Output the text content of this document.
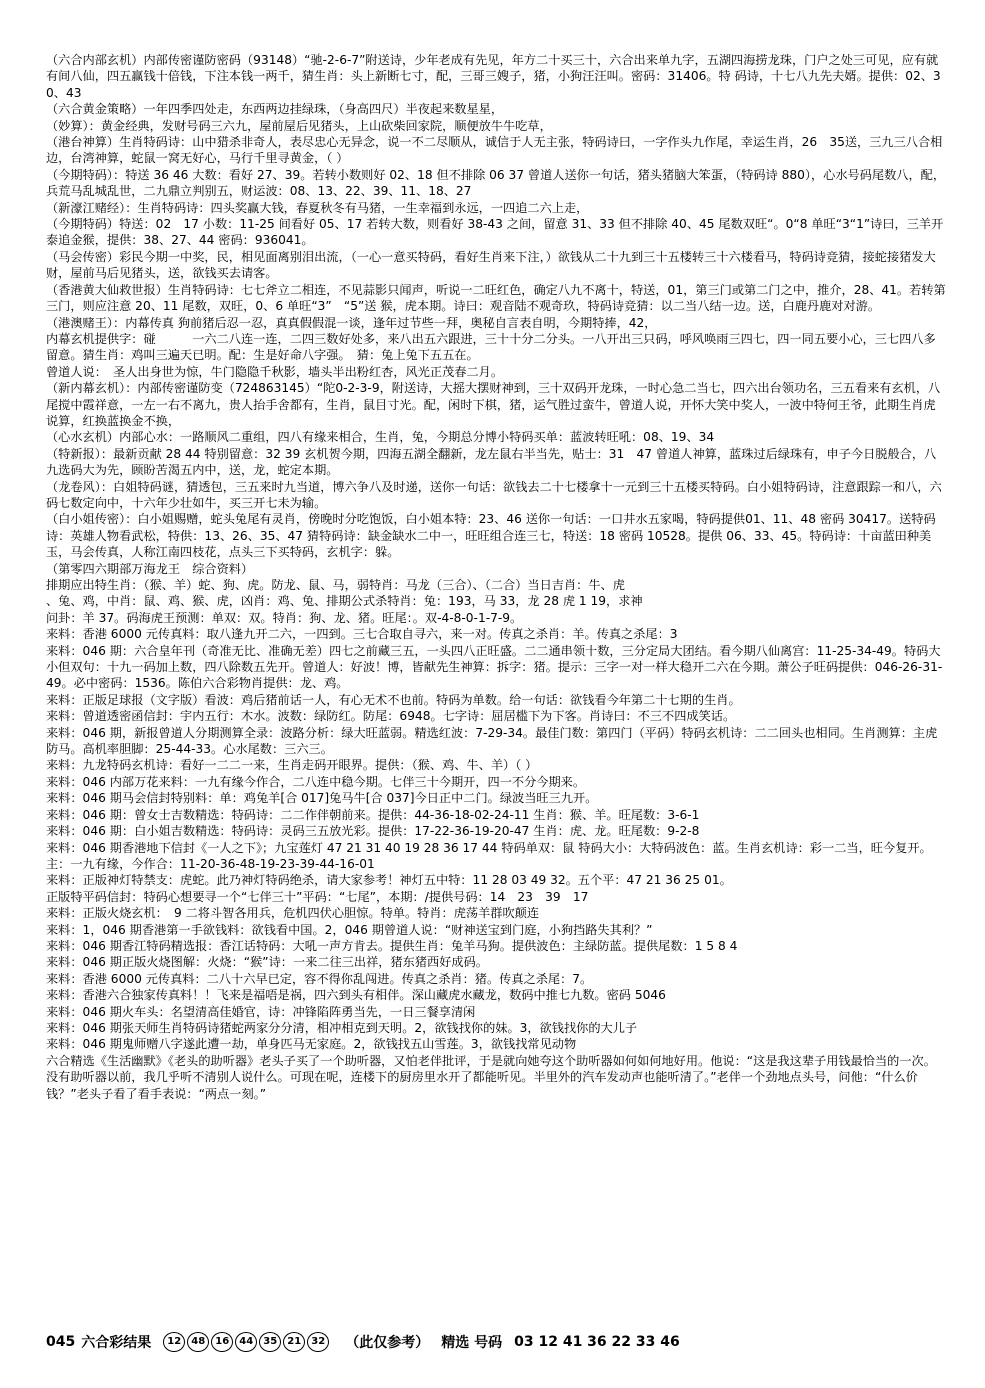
（六合内部玄机）内部传密谨防密码（93148）“驰-2-6-7”附送诗，少年老成有先见，年方二十买三十，六合出来单九字，五湖四海捞龙珠，门户之处三可见，应有就有间八仙，四五赢钱十倍钱，下注本钱一两千，猜生肖：头上新断七寸，配，三哥三嫂子，猪，小狗汪汪叫。密码：31406。特 码诗，十七八九先夫婿。提供：02、30、43

（六合黄金策略）一年四季四处走，东西两边挂绿珠，（身高四尺）半夜起来数星星，

（妙算）：黄金经典，发财号码三六九，屋前屋后见猪头，上山砍柴回家院，顺便放牛牛吃草，

（港台神算）生肖特码诗：山中猎杀非奇人，表尽忠心无异念，说一不二尽顺从，诚信于人无主张，特码诗曰，一字作头九作尾，幸运生肖，26　35送，三九三八合相边，台湾神算，蛇鼠一窝无好心，马行千里寻黄金，（ ）

（今期特码）：特送 36 46 大数：看好 27、39。若转小数则好 02、18 但不排除 06 37 曾道人送你一句话，猪头猪脑大笨蛋，（特码诗 880），心水号码尾数八，配，兵荒马乱城乱世，二九鼎立判别五，财运波：08、13、22、39、11、18、27

（新濠江赌经）：生肖特码诗：四头奖赢大钱，春夏秋冬有马猪，一生幸福到永远，一四追二六上走，

（今期特码）特送：02　17 小数：11-25 间看好 05、17 若转大数，则看好 38-43 之间，留意 31、33 但不排除 40、45 尾数双旺“。0“8 单旺“3“1”诗曰，三羊开泰追金猴，提供：38、27、44 密码：936041。

（马会传密）彩民今期一中奖，民，相见面离别泪出流，（一心一意买特码，看好生肖来下注，）欲钱从二十九到三十五楼转三十六楼看马，特码诗竞猜，接蛇接猪发大财，屋前马后见猪头，送，欲钱买去请客。

（香港黄大仙救世报）生肖特码诗：七七斧立二相连，不见蒜影只闻声，听说一二旺红色，确定八九不离十，特送，01，第三门或第二门之中，推介，28、41。若转第三门，则应注意 20、11 尾数，双旺，0、6 单旺“3”　“5”送 猴，虎本期。诗曰：观音陆不观奇玖，特码诗竞猜：以二当八结一边。送，白鹿丹鹿对对游。

（港澳赌王）：内幕传真 狗前猪后忍一忍，真真假假混一谈，逢年过节些一拜，奥秘自言表自明，今期特捧，42，

内幕玄机提供字：碰　　　一六二八连一连，二四三数好处多，来八出五六跟进，三十十分二分头。一八开出三只码，呼风唤雨三四七，四一同五要小心，三七四八多留意。猜生肖：鸡叫三遍天已明。配：生是好命八字强。　猜：兔上兔下五五在。

曾道人说：　圣人出身世为惊，牛门隐隐千秋影，墙头半出粉红杏，风光正茂春二月。

（新内幕玄机）：内部传密谨防变（724863145）“陀0-2-3-9，附送诗，大摇大摆财神到，三十双码开龙珠，一时心急二当七，四六出台领功名，三五看来有玄机，八尾搅中霞祥意，一左一右不离九，贵人抬手舍都有，生肖，鼠目寸光。配，闲时下棋，猪，运气胜过蛮牛，曾道人说，开怀大笑中奖人，一波中特何王爷，此期生肖虎说算，红换蓝换金不换，

（心水玄机）内部心水：一路顺风二重组，四八有缘来相合，生肖，兔，今期总分博小特码买单：蓝波转旺吼：08、19、34

（特新报）：最新贡献 28 44 特别留意：32 39 玄机贺今期，四海五湖全翻新，龙左鼠右半当先，贴士：31　47 曾道人神算，蓝珠过后绿珠有，申子今日脱般合，八九选码大为先，顾盼苦渴五内中，送，龙，蛇定本期。

（龙卷风）：白姐特码谜，猜透包，三五来时九当道，博六争八及时递，送你一句话：欲钱去二十七楼拿十一元到三十五楼买特码。白小姐特码诗，注意跟踪一和八，六码七数定向中，十六年少壮如牛，买三开七未为输。

（白小姐传密）：白小姐赐赠，蛇头兔尾有灵肖，傍晚时分吃饱饭，白小姐本特：23、46 送你一句话：一口井水五家喝，特码提供01、11、48 密码 30417。送特码诗：英雄人物看武松，特供：13、26、35、47 猜特码诗：缺金缺水二中一，旺旺组合连三七，特送：18 密码 10528。提供 06、33、45。特码诗：十亩蓝田种美玉，马会传真，人称江南四枝花，点头三下买特码，玄机字：躲。

（第零四六期部万海龙王　综合资料）

排期应出特生肖：（猴、羊）蛇、狗、虎。防龙、鼠、马，弱特肖：马龙（三合）、（二合）当日吉肖：牛、虎

、兔、鸡，中肖：鼠、鸡、猴、虎，凶肖：鸡、兔、排期公式杀特肖：兔：193，马 33，龙 28 虎 1 19，求神

问卦：羊 37。码海虎王预测：单双：双。特肖：狗、龙、猪。旺尾：。双-4-8-0-1-7-9。

来料：香港 6000 元传真料：取八逢九开二六，一四到。三七合取自寻六，来一对。传真之杀肖：羊。传真之杀尾：3

来料：046 期：六合皇年刊（奇准无比、准确无差）四七之前藏三五，一头四八正旺盛。二二通串领十数，三分定局大团结。看今期八仙离宫：11-25-34-49。特码大小但双句：十九一码加上数，四八除数五先开。曾道人：好波！博，皆献先生神算：拆字：猪。提示：三字一对一样大稳开二六在今期。萧公子旺码提供：046-26-31-49。必中密码：1536。陈伯六合彩物肖提供：龙、鸡。

来料：正版足球报（文字版）看波：鸡后猪前话一人，有心无术不也前。特码为单数。给一句话：欲钱看今年第二十七期的生肖。

来料：曾道透密函信封：宇内五行：木水。波数：绿防红。防尾：6948。七字诗：屈居槛下为下客。肖诗曰：不三不四成笑话。

来料：046 期，新报曾道人分期测算全录：波路分析：绿大旺蓝弱。精选红波：7-29-34。最佳门数：第四门（平码）特码玄机诗：二二回头也相同。生肖测算：主虎防马。高机率胆脚：25-44-33。心水尾数：三六三。

来料：九龙特码玄机诗：看好一二二一来，生肖走码开眼界。提供：（猴、鸡、牛、羊）（ ）

来料：046 内部万花来料：一九有缘今作合，二八连中稳今期。七伴三十今期开，四一不分今期来。

来料：046 期马会信封特别料：单：鸡兔羊[合 017]兔马牛[合 037]今日正中二门。绿波当旺三九开。

来料：046 期：曾女士吉数精选：特码诗：二二作伴朝前来。提供：44-36-18-02-24-11 生肖：猴、羊。旺尾数：3-6-1

来料：046 期：白小姐吉数精选：特码诗：灵码三五放光彩。提供：17-22-36-19-20-47 生肖：虎、龙。旺尾数：9-2-8

来料：046 期香港地下信封《一人之下》；九宝莲灯 47 21 31 40 19 28 36 17 44 特码单双：鼠 特码大小：大特码波色：蓝。生肖玄机诗：彩一二当，旺今复开。主：一九有缘，今作合：11-20-36-48-19-23-39-44-16-01

来料：正版神灯特禁支：虎蛇。此乃神灯特码绝杀，请大家参考！神灯五中特：11 28 03 49 32。五个平：47 21 36 25 01。

正版特平码信封：特码心想要寻一个“七伴三十”平码：“七尾”，本期：/提供号码：14　23　39　17

来料：正版火烧玄机：　9 二将斗智各用兵，危机四伏心胆惊。特单。特肖：虎荡羊群吹颠连

来料：1，046 期香港第一手欲钱料：欲钱看中国。2，046 期曾道人说：“财神送宝到门庭，小狗挡路失其利？”

来料：046 期香江特码精选报：香江话特码：大吼一声方肯去。提供生肖：兔羊马狗。提供波色：主绿防蓝。提供尾数：1 5 8 4

来料：046 期正版火烧图解：火烧：“猴”诗：一来二往三出祥，猪东猪西好成码。

来料：香港 6000 元传真料：二八十六早已定，容不得你乱闯进。传真之杀肖：猪。传真之杀尾：7。

来料：香港六合独家传真料！！飞来是福唔是祸，四六到头有相伴。深山藏虎水藏龙，数码中推七九数。密码 5046

来料：046 期火车头：名望清高佳婚官，诗：冲锋陷阵勇当先，一日三餐享清闲

来料：046 期张天师生肖特码诗猪蛇两家分分清，相冲相克到天明。2，欲钱找你的妹。3，欲钱找你的大儿子

来料：046 期鬼师赠八字遂此遭一劫，单身匹马无家庭。2，欲钱找五山雪莲。3，欲钱找常见动物

六合精选《生活幽默》《老头的助听器》老头子买了一个助听器，又怕老伴批评，于是就向她夸这个助听器如何如何地好用。他说：“这是我这辈子用钱最恰当的一次。没有助听器以前，我几乎听不清别人说什么。可现在呢，连楼下的厨房里水开了都能听见。半里外的汽车发动声也能听清了。”老伴一个劲地点头号，问他：“什么价钱？”老头子看了看手表说：“两点一刻。”

045 六合彩结果	12	48	16	44	35	21	32 （此仅参考） 精选 号码 03 12 41 36 22 33 46
